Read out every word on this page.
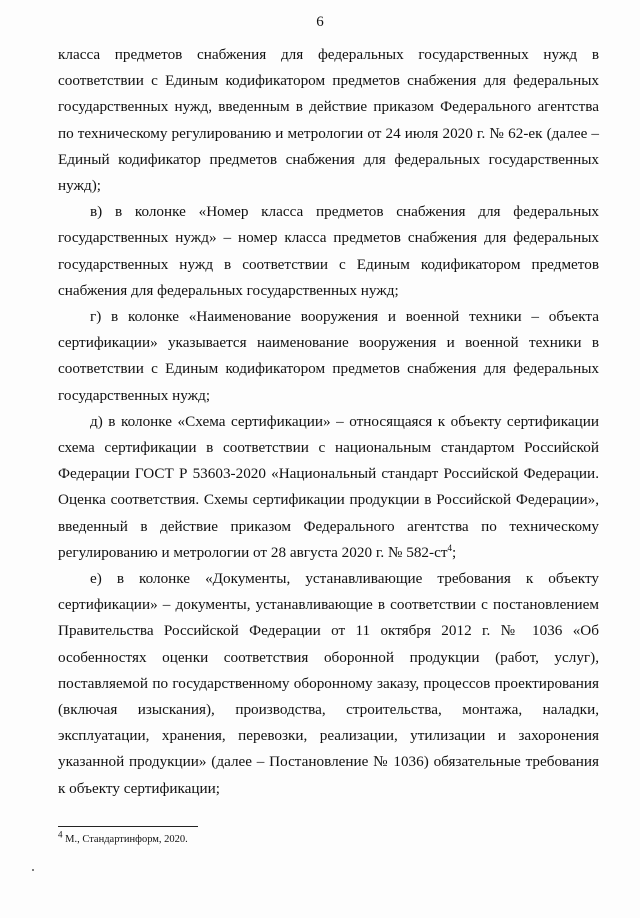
6

класса предметов снабжения для федеральных государственных нужд в соответствии с Единым кодификатором предметов снабжения для федеральных государственных нужд, введенным в действие приказом Федерального агентства по техническому регулированию и метрологии от 24 июля 2020 г. № 62-ек (далее – Единый кодификатор предметов снабжения для федеральных государственных нужд);

в) в колонке «Номер класса предметов снабжения для федеральных государственных нужд» – номер класса предметов снабжения для федеральных государственных нужд в соответствии с Единым кодификатором предметов снабжения для федеральных государственных нужд;

г) в колонке «Наименование вооружения и военной техники – объекта сертификации» указывается наименование вооружения и военной техники в соответствии с Единым кодификатором предметов снабжения для федеральных государственных нужд;

д) в колонке «Схема сертификации» – относящаяся к объекту сертификации схема сертификации в соответствии с национальным стандартом Российской Федерации ГОСТ Р 53603-2020 «Национальный стандарт Российской Федерации. Оценка соответствия. Схемы сертификации продукции в Российской Федерации», введенный в действие приказом Федерального агентства по техническому регулированию и метрологии от 28 августа 2020 г. № $582-ст^4$;

е) в колонке «Документы, устанавливающие требования к объекту сертификации» – документы, устанавливающие в соответствии с постановлением Правительства Российской Федерации от 11 октября 2012 г. № 1036 «Об особенностях оценки соответствия оборонной продукции (работ, услуг), поставляемой по государственному оборонному заказу, процессов проектирования (включая изыскания), производства, строительства, монтажа, наладки, эксплуатации, хранения, перевозки, реализации, утилизации и захоронения указанной продукции» (далее – Постановление № 1036) обязательные требования к объекту сертификации;

$^4$ М., Стандартинформ, 2020.
